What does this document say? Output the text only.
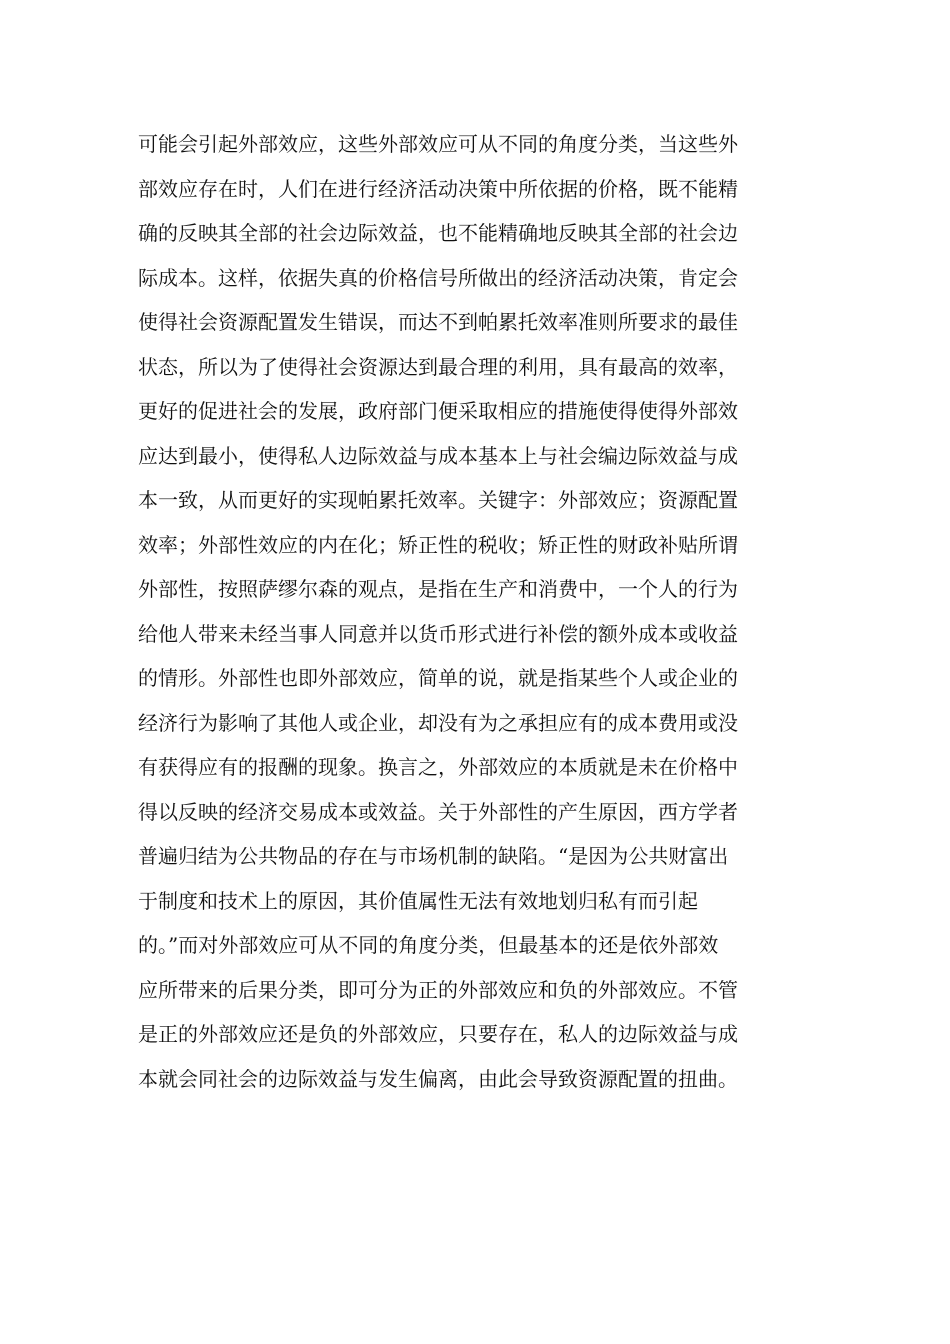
可能会引起外部效应，这些外部效应可从不同的角度分类，当这些外
部效应存在时，人们在进行经济活动决策中所依据的价格，既不能精
确的反映其全部的社会边际效益，也不能精确地反映其全部的社会边
际成本。这样，依据失真的价格信号所做出的经济活动决策，肯定会
使得社会资源配置发生错误，而达不到帕累托效率准则所要求的最佳
状态，所以为了使得社会资源达到最合理的利用，具有最高的效率，
更好的促进社会的发展，政府部门便采取相应的措施使得使得外部效
应达到最小，使得私人边际效益与成本基本上与社会编边际效益与成
本一致，从而更好的实现帕累托效率。关键字：外部效应；资源配置
效率；外部性效应的内在化；矫正性的税收；矫正性的财政补贴所谓
外部性，按照萨缪尔森的观点，是指在生产和消费中，一个人的行为
给他人带来未经当事人同意并以货币形式进行补偿的额外成本或收益
的情形。外部性也即外部效应，简单的说，就是指某些个人或企业的
经济行为影响了其他人或企业，却没有为之承担应有的成本费用或没
有获得应有的报酬的现象。换言之，外部效应的本质就是未在价格中
得以反映的经济交易成本或效益。关于外部性的产生原因，西方学者
普遍归结为公共物品的存在与市场机制的缺陷。“是因为公共财富出
于制度和技术上的原因，其价值属性无法有效地划归私有而引起
的。”而对外部效应可从不同的角度分类，但最基本的还是依外部效
应所带来的后果分类，即可分为正的外部效应和负的外部效应。不管
是正的外部效应还是负的外部效应，只要存在，私人的边际效益与成
本就会同社会的边际效益与发生偏离，由此会导致资源配置的扭曲。
